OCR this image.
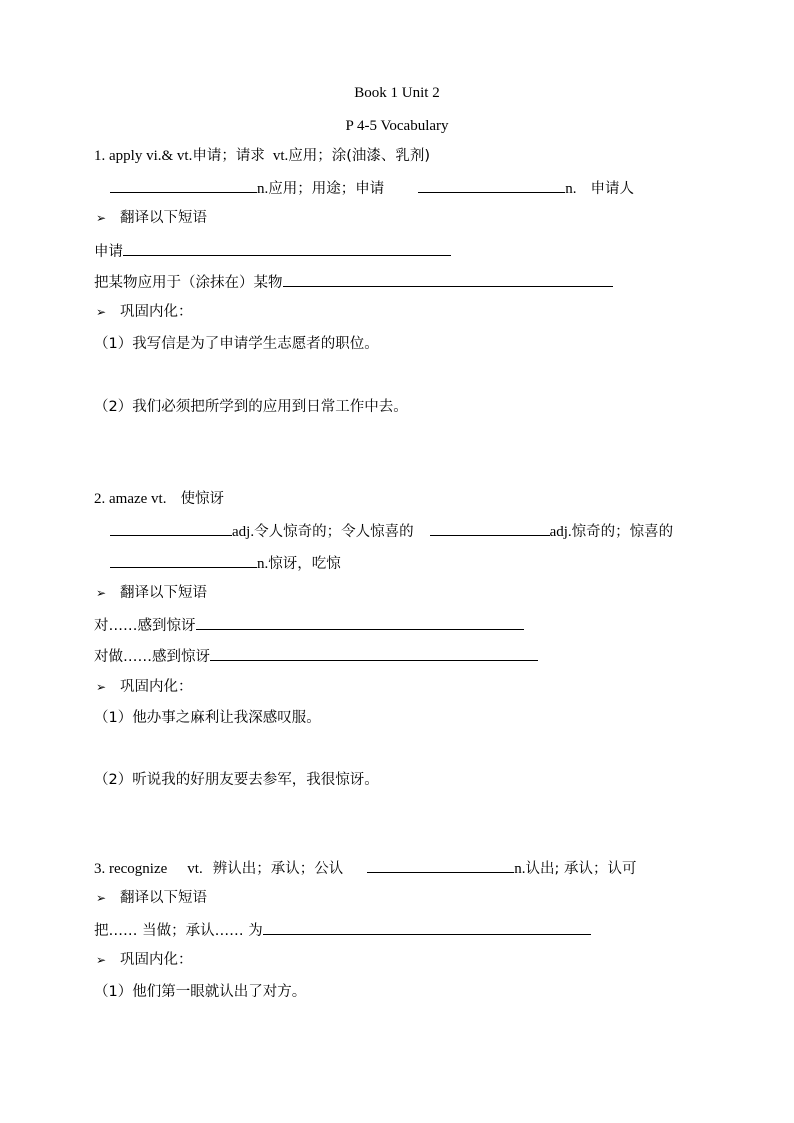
Book 1 Unit 2
P 4-5 Vocabulary
1. apply vi.& vt.申请；请求 vt.应用；涂(油漆、乳剂)
n.应用；用途；申请	n. 申请人
➢ 翻译以下短语
申请
把某物应用于（涂抹在）某物
➢ 巩固内化：
（1）我写信是为了申请学生志愿者的职位。
（2）我们必须把所学到的应用到日常工作中去。
2. amaze vt. 使惊讶
adj.令人惊奇的；令人惊喜的	adj.惊奇的；惊喜的
n.惊讶，吃惊
➢ 翻译以下短语
对……感到惊讶
对做……感到惊讶
➢ 巩固内化：
（1）他办事之麻利让我深感叹服。
（2）听说我的好朋友要去参军，我很惊讶。
3. recognize vt. 辨认出；承认；公认	n.认出; 承认；认可
➢ 翻译以下短语
把…… 当做；承认…… 为
➢ 巩固内化：
（1）他们第一眼就认出了对方。
